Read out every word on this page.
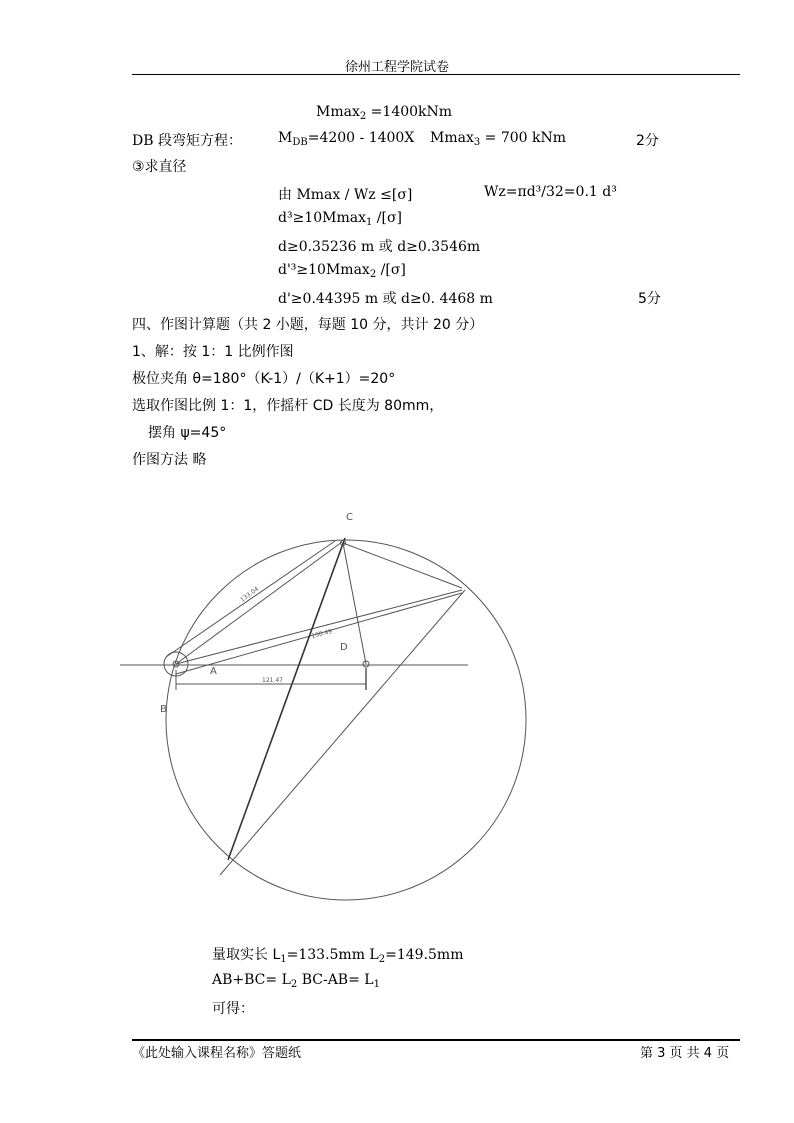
徐州工程学院试卷
Mmax$_2$ =1400kNm
DB 段弯矩方程：	$M_{DB}=4200 - 1400X$ Mmax$_3$ = 700 kNm	2分
③求直径
由 Mmax / Wz ≤[σ]	Wz=πd³/32=0.1 d³
d³≥10Mmax$_1$ /[σ]
d≥0.35236 m 或 d≥0.3546m
d'³≥10Mmax$_2$ /[σ]
d'≥0.44395 m 或 d≥0. 4468 m	5分
四、作图计算题（共 2 小题，每题 10 分，共计 20 分）
1、解：按 1：1 比例作图
极位夹角 θ=180°（K-1）/（K+1）=20°
选取作图比例 1：1，作摇杆 CD 长度为 80mm，
摆角 ψ=45°
作图方法 略
C
D
A
B
133.04
150.49
121.47
量取实长 $L_1=133.5mm$ $L_2=149.5mm$
$AB+BC= L_2$ $BC-AB= L_1$
可得：
《此处输入课程名称》答题纸	第 3 页 共 4 页
